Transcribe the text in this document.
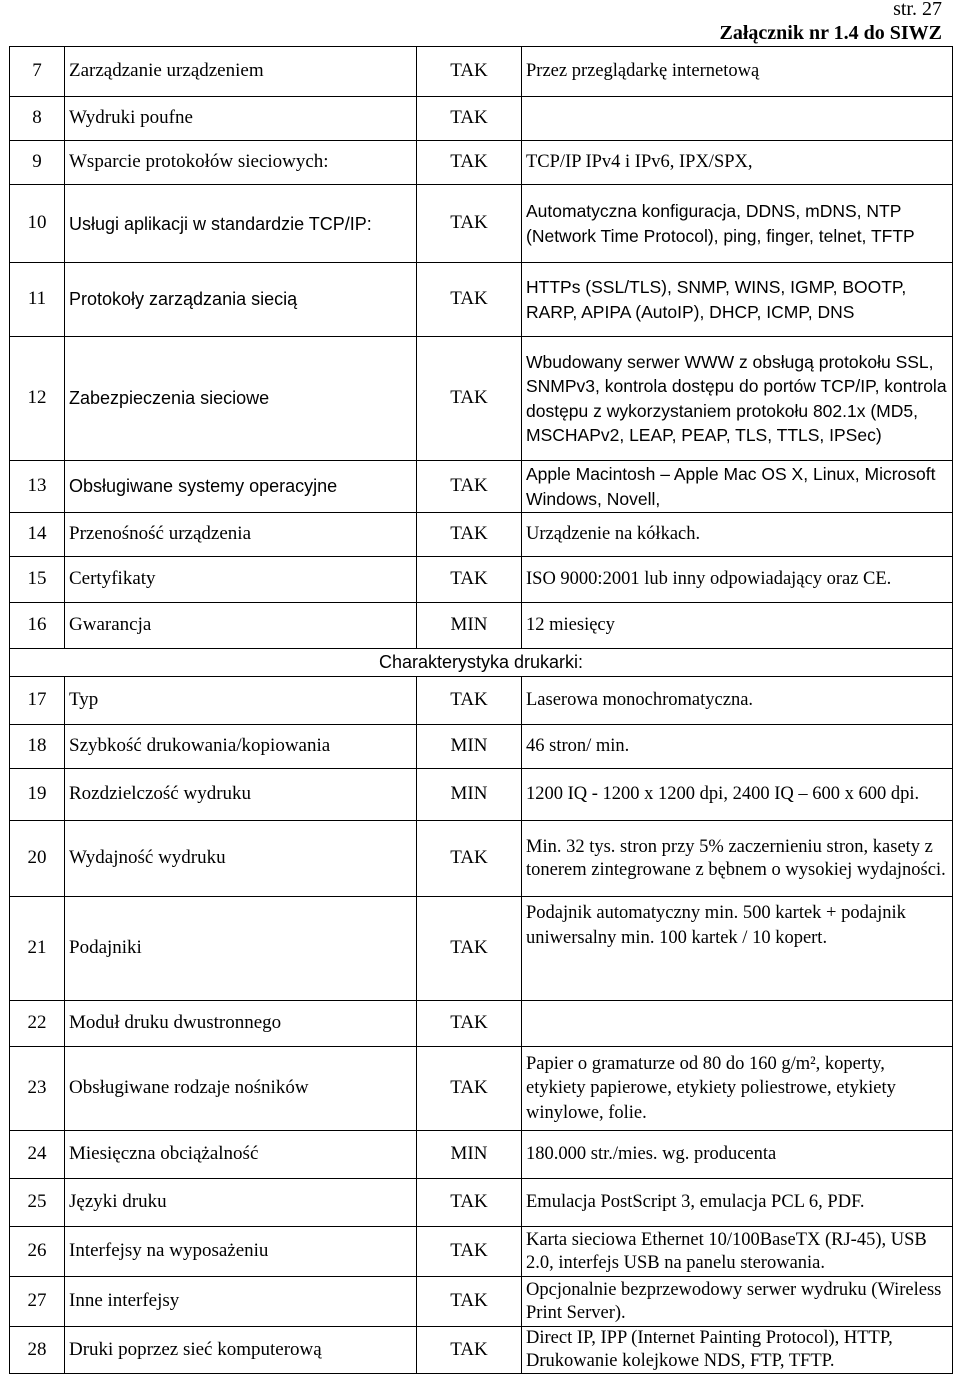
str. 27
Załącznik nr 1.4 do SIWZ
7	Zarządzanie urządzeniem	TAK	Przez przeglądarkę internetową
8	Wydruki poufne	TAK	
9	Wsparcie protokołów sieciowych:	TAK	TCP/IP IPv4 i IPv6, IPX/SPX,
10	Usługi aplikacji w standardzie TCP/IP:	TAK	Automatyczna konfiguracja, DDNS, mDNS, NTP (Network Time Protocol), ping, finger, telnet, TFTP
11	Protokoły zarządzania siecią	TAK	HTTPs (SSL/TLS), SNMP, WINS, IGMP, BOOTP, RARP, APIPA (AutoIP), DHCP, ICMP, DNS
12	Zabezpieczenia sieciowe	TAK	Wbudowany serwer WWW z obsługą protokołu SSL, SNMPv3, kontrola dostępu do portów TCP/IP, kontrola dostępu z wykorzystaniem protokołu 802.1x (MD5, MSCHAPv2, LEAP, PEAP, TLS, TTLS, IPSec)
13	Obsługiwane systemy operacyjne	TAK	Apple Macintosh – Apple Mac OS X, Linux, Microsoft Windows, Novell,
14	Przenośność urządzenia	TAK	Urządzenie na kółkach.
15	Certyfikaty	TAK	ISO 9000:2001 lub inny odpowiadający oraz CE.
16	Gwarancja	MIN	12 miesięcy
Charakterystyka drukarki:			
17	Typ	TAK	Laserowa monochromatyczna.
18	Szybkość drukowania/kopiowania	MIN	46 stron/ min.
19	Rozdzielczość wydruku	MIN	1200 IQ - 1200 x 1200 dpi, 2400 IQ – 600 x 600 dpi.
20	Wydajność wydruku	TAK	Min. 32 tys. stron przy 5% zaczernieniu stron, kasety z tonerem zintegrowane z bębnem o wysokiej wydajności.
21	Podajniki	TAK	Podajnik automatyczny min. 500 kartek + podajnik uniwersalny min. 100 kartek / 10 kopert.
22	Moduł druku dwustronnego	TAK	
23	Obsługiwane rodzaje nośników	TAK	Papier o gramaturze od 80 do 160 g/m², koperty, etykiety papierowe, etykiety poliestrowe, etykiety winylowe, folie.
24	Miesięczna obciążalność	MIN	180.000 str./mies. wg. producenta
25	Języki druku	TAK	Emulacja PostScript 3, emulacja PCL 6, PDF.
26	Interfejsy na wyposażeniu	TAK	Karta sieciowa Ethernet 10/100BaseTX (RJ-45), USB 2.0, interfejs USB na panelu sterowania.
27	Inne interfejsy	TAK	Opcjonalnie bezprzewodowy serwer wydruku (Wireless Print Server).
28	Druki poprzez sieć komputerową	TAK	Direct IP, IPP (Internet Painting Protocol), HTTP, Drukowanie kolejkowe NDS, FTP, TFTP.
